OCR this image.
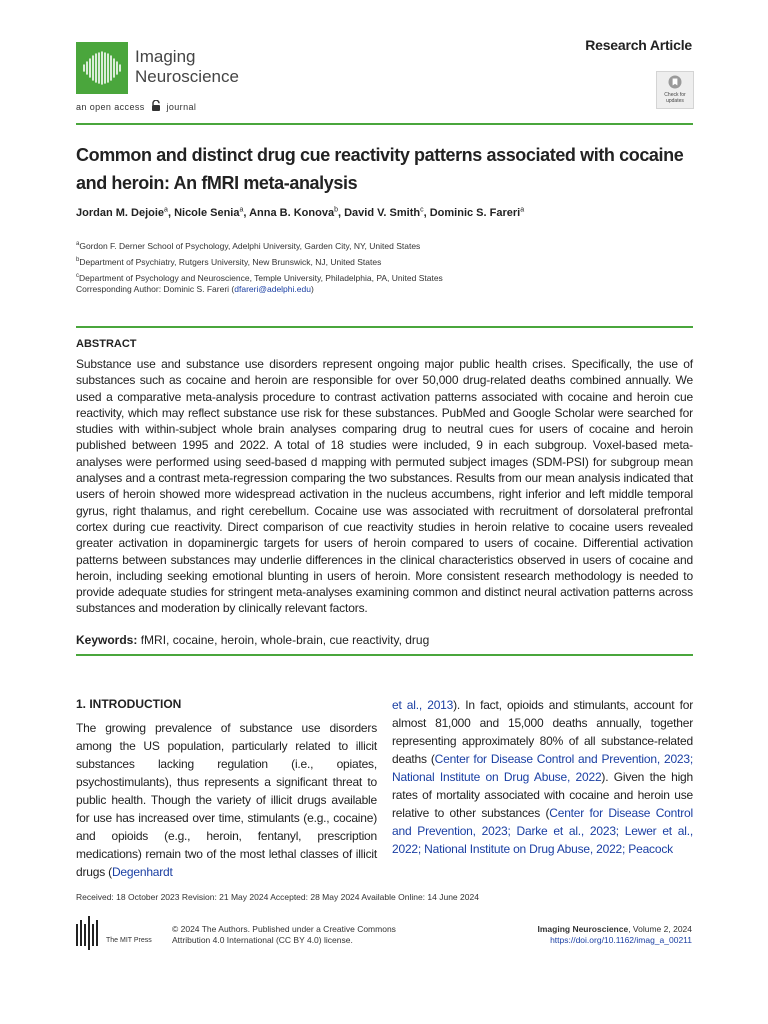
Imaging
Neuroscience
an open access journal
Research Article
Check for
updates
Common and distinct drug cue reactivity patterns associated with cocaine and heroin: An fMRI meta-analysis
Jordan M. Dejoie$^a$, Nicole Senia$^a$, Anna B. Konova$^b$, David V. Smith$^c$, Dominic S. Fareri$^a$
$^a$Gordon F. Derner School of Psychology, Adelphi University, Garden City, NY, United States
$^b$Department of Psychiatry, Rutgers University, New Brunswick, NJ, United States
$^c$Department of Psychology and Neuroscience, Temple University, Philadelphia, PA, United States
Corresponding Author: Dominic S. Fareri (dfareri@adelphi.edu)
ABSTRACT

Substance use and substance use disorders represent ongoing major public health crises. Specifically, the use of substances such as cocaine and heroin are responsible for over 50,000 drug-related deaths combined annually. We used a comparative meta-analysis procedure to contrast activation patterns associated with cocaine and heroin cue reactivity, which may reflect substance use risk for these substances. PubMed and Google Scholar were searched for studies with within-subject whole brain analyses comparing drug to neutral cues for users of cocaine and heroin published between 1995 and 2022. A total of 18 studies were included, 9 in each subgroup. Voxel-based meta-analyses were performed using seed-based d mapping with permuted subject images (SDM-PSI) for subgroup mean analyses and a contrast meta-regression comparing the two substances. Results from our mean analysis indicated that users of heroin showed more widespread activation in the nucleus accumbens, right inferior and left middle temporal gyrus, right thalamus, and right cerebellum. Cocaine use was associated with recruitment of dorsolateral prefrontal cortex during cue reactivity. Direct comparison of cue reactivity studies in heroin relative to cocaine users revealed greater activation in dopaminergic targets for users of heroin compared to users of cocaine. Differential activation patterns between substances may underlie differences in the clinical characteristics observed in users of cocaine and heroin, including seeking emotional blunting in users of heroin. More consistent research methodology is needed to provide adequate studies for stringent meta-analyses examining common and distinct neural activation patterns across substances and moderation by clinically relevant factors.

Keywords: fMRI, cocaine, heroin, whole-brain, cue reactivity, drug
1. INTRODUCTION

The growing prevalence of substance use disorders among the US population, particularly related to illicit substances lacking regulation (i.e., opiates, psychostimulants), thus represents a significant threat to public health. Though the variety of illicit drugs available for use has increased over time, stimulants (e.g., cocaine) and opioids (e.g., heroin, fentanyl, prescription medications) remain two of the most lethal classes of illicit drugs (Degenhardt

et al., 2013). In fact, opioids and stimulants, account for almost 81,000 and 15,000 deaths annually, together representing approximately 80% of all substance-related deaths (Center for Disease Control and Prevention, 2023; National Institute on Drug Abuse, 2022). Given the high rates of mortality associated with cocaine and heroin use relative to other substances (Center for Disease Control and Prevention, 2023; Darke et al., 2023; Lewer et al., 2022; National Institute on Drug Abuse, 2022; Peacock

Received: 18 October 2023 Revision: 21 May 2024 Accepted: 28 May 2024 Available Online: 14 June 2024
The MIT Press
© 2024 The Authors. Published under a Creative Commons
Attribution 4.0 International (CC BY 4.0) license.
Imaging Neuroscience, Volume 2, 2024
https://doi.org/10.1162/imag_a_00211
